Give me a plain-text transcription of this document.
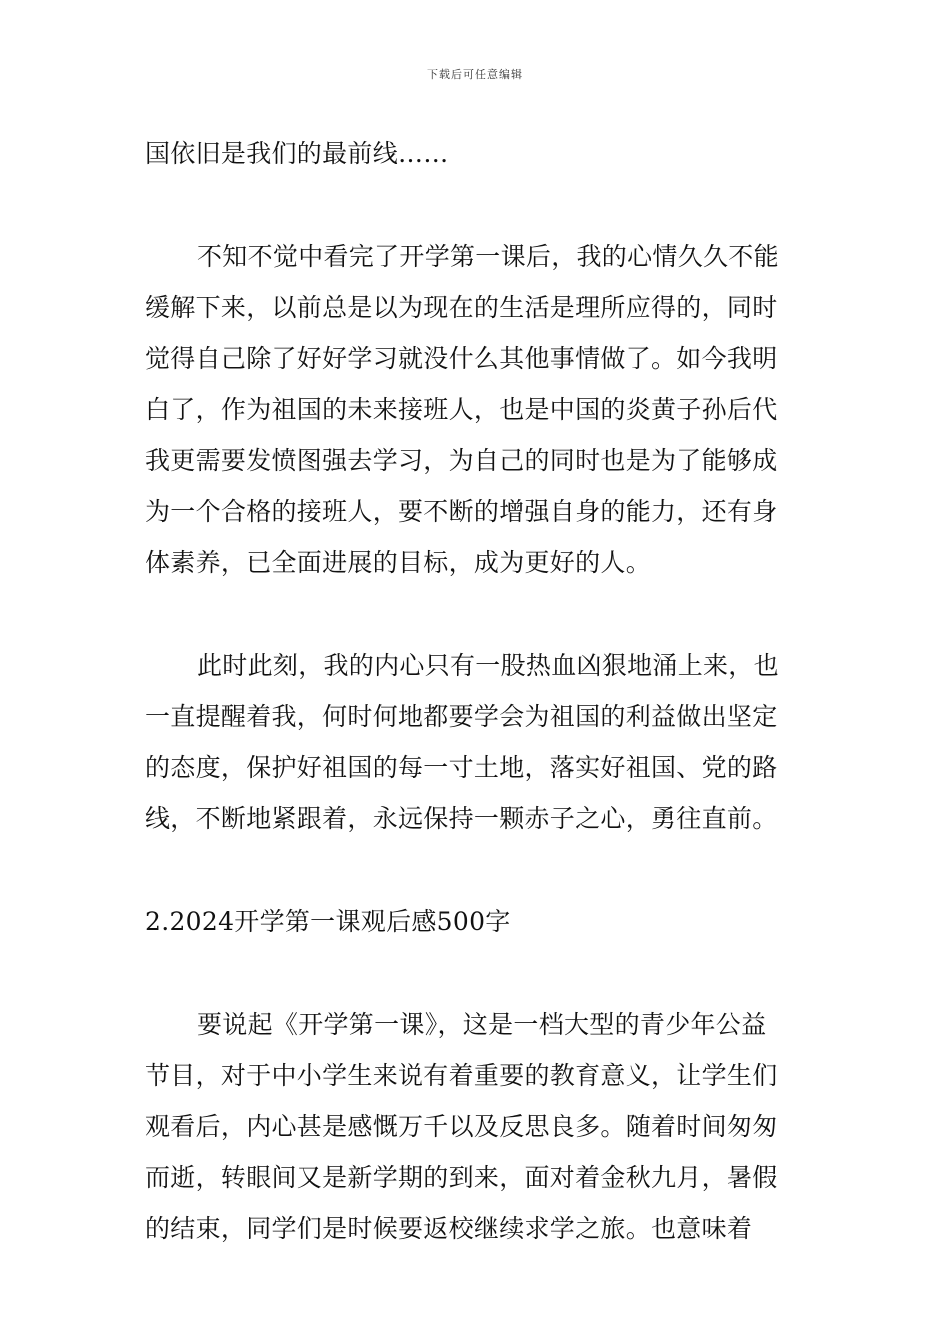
下载后可任意编辑
国依旧是我们的最前线……
不知不觉中看完了开学第一课后，我的心情久久不能
缓解下来，以前总是以为现在的生活是理所应得的，同时
觉得自己除了好好学习就没什么其他事情做了。如今我明
白了，作为祖国的未来接班人，也是中国的炎黄子孙后代
我更需要发愤图强去学习，为自己的同时也是为了能够成
为一个合格的接班人，要不断的增强自身的能力，还有身
体素养，已全面进展的目标，成为更好的人。
此时此刻，我的内心只有一股热血凶狠地涌上来，也
一直提醒着我，何时何地都要学会为祖国的利益做出坚定
的态度，保护好祖国的每一寸土地，落实好祖国、党的路
线，不断地紧跟着，永远保持一颗赤子之心，勇往直前。
2.2024开学第一课观后感500字
要说起《开学第一课》，这是一档大型的青少年公益
节目，对于中小学生来说有着重要的教育意义，让学生们
观看后，内心甚是感慨万千以及反思良多。随着时间匆匆
而逝，转眼间又是新学期的到来，面对着金秋九月，暑假
的结束，同学们是时候要返校继续求学之旅。也意味着
